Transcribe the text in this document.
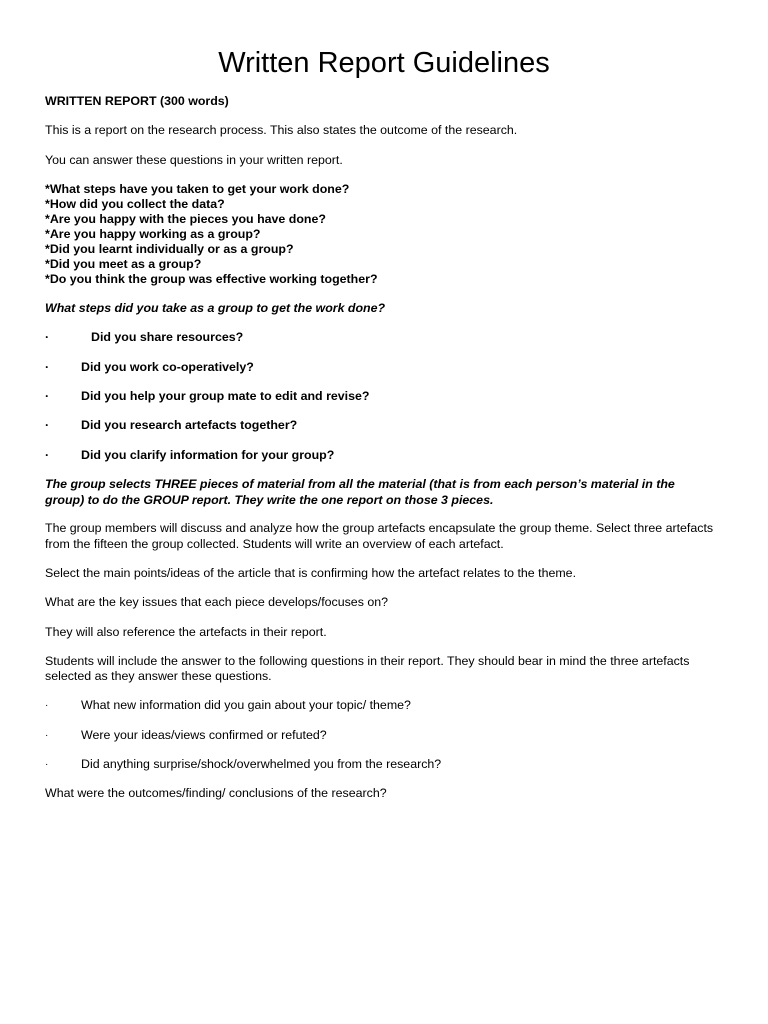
Written Report Guidelines

WRITTEN REPORT (300 words)

This is a report on the research process. This also states the outcome of the research.

You can answer these questions in your written report.

*What steps have you taken to get your work done?

*How did you collect the data?

*Are you happy with the pieces you have done?

*Are you happy working as a group?

*Did you learnt individually or as a group?

*Did you meet as a group?

*Do you think the group was effective working together?

What steps did you take as a group to get the work done?

·	Did you share resources?
·	Did you work co-operatively?
·	Did you help your group mate to edit and revise?
·	Did you research artefacts together?
·	Did you clarify information for your group?

The group selects THREE pieces of material from all the material (that is from each person’s material in the

group) to do the GROUP report. They write the one report on those 3 pieces.

The group members will discuss and analyze how the group artefacts encapsulate the group theme. Select three artefacts

from the fifteen the group collected. Students will write an overview of each artefact.

Select the main points/ideas of the article that is confirming how the artefact relates to the theme.

What are the key issues that each piece develops/focuses on?

They will also reference the artefacts in their report.

Students will include the answer to the following questions in their report. They should bear in mind the three artefacts

selected as they answer these questions.

·	What new information did you gain about your topic/ theme?
·	Were your ideas/views confirmed or refuted?
·	Did anything surprise/shock/overwhelmed you from the research?

What were the outcomes/finding/ conclusions of the research?
